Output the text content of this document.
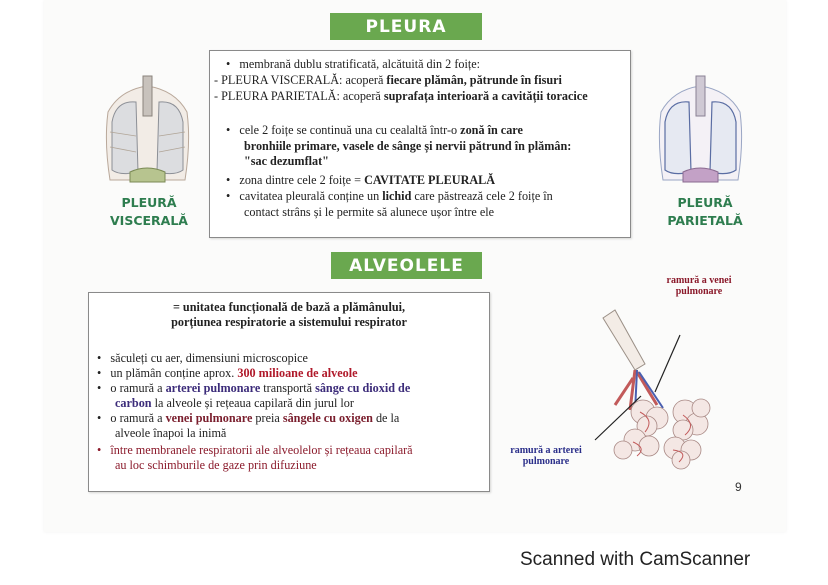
PLEURA
PLEURĂ
VISCERALĂ
PLEURĂ
PARIETALĂ
•   membrană dublu stratificată, alcătuită din 2 foițe:
- PLEURA VISCERALĂ: acoperă fiecare plămân, pătrunde în fisuri
- PLEURA PARIETALĂ: acoperă suprafața interioară a cavității toracice
•   cele 2 foițe se continuă una cu cealaltă într-o zonă în care
bronhiile primare, vasele de sânge și nervii pătrund în plămân:
"sac dezumflat"
•   zona dintre cele 2 foițe = CAVITATE PLEURALĂ
•   cavitatea pleurală conține un lichid care păstrează cele 2 foițe în
contact strâns și le permite să alunece ușor între ele
ALVEOLELE
= unitatea funcțională de bază a plămânului,
porțiunea respiratorie a sistemului respirator
•   săculeți cu aer, dimensiuni microscopice
•   un plămân conține aprox. 300 milioane de alveole
•   o ramură a arterei pulmonare transportă sânge cu dioxid de
carbon la alveole și rețeaua capilară din jurul lor
•   o ramură a venei pulmonare preia sângele cu oxigen de la
alveole înapoi la inimă
•   între membranele respiratorii ale alveolelor și rețeaua capilară
au loc schimburile de gaze prin difuziune
ramură a venei
pulmonare
ramură a arterei
pulmonare
9
Scanned with CamScanner
